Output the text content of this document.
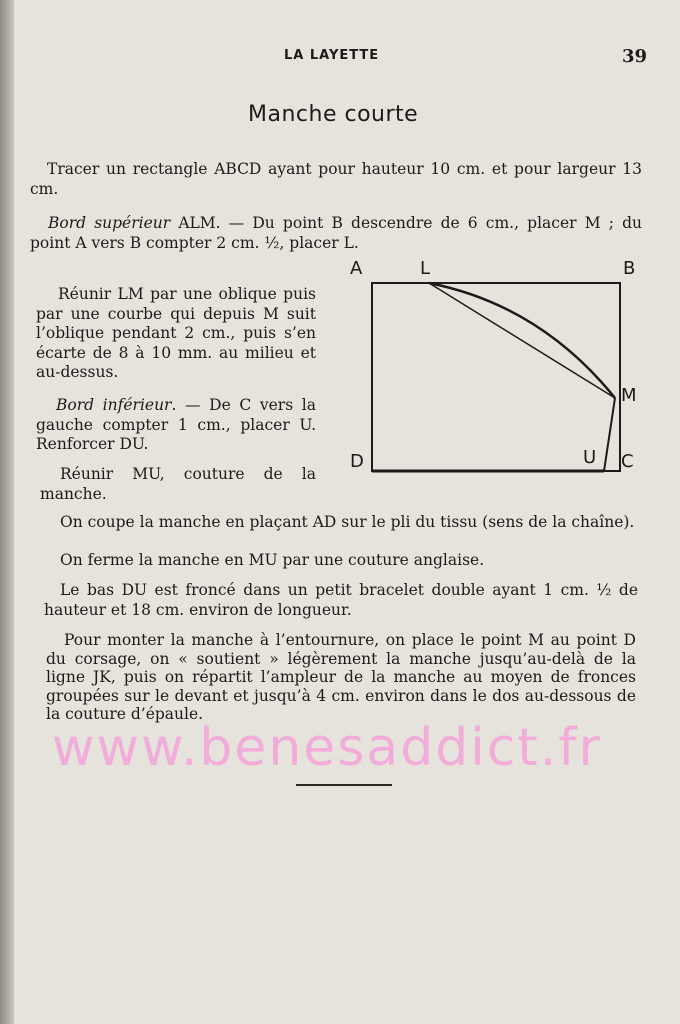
LA LAYETTE	39
Manche courte
Tracer un rectangle ABCD ayant pour hauteur 10 cm. et pour largeur 13 cm.
Bord supérieur ALM. — Du point B descendre de 6 cm., placer M ; du point A vers B compter 2 cm. ½, placer L.
Réunir LM par une oblique puis par une courbe qui depuis M suit l’oblique pendant 2 cm., puis s’en écarte de 8 à 10 mm. au milieu et au-dessus.
Bord inférieur. — De C vers la gauche compter 1 cm., placer U. Renforcer DU.
Réunir MU, couture de la manche.
A	L	B
M
D	U C
On coupe la manche en plaçant AD sur le pli du tissu (sens de la chaîne).
On ferme la manche en MU par une couture anglaise.
Le bas DU est froncé dans un petit bracelet double ayant 1 cm. ½ de hauteur et 18 cm. environ de longueur.
Pour monter la manche à l’entournure, on place le point M au point D du corsage, on « soutient » légèrement la manche jusqu’au-delà de la ligne JK, puis on répartit l’ampleur de la manche au moyen de fronces groupées sur le devant et jusqu’à 4 cm. environ dans le dos au-dessous de la couture d’épaule.
www.benesaddict.fr
